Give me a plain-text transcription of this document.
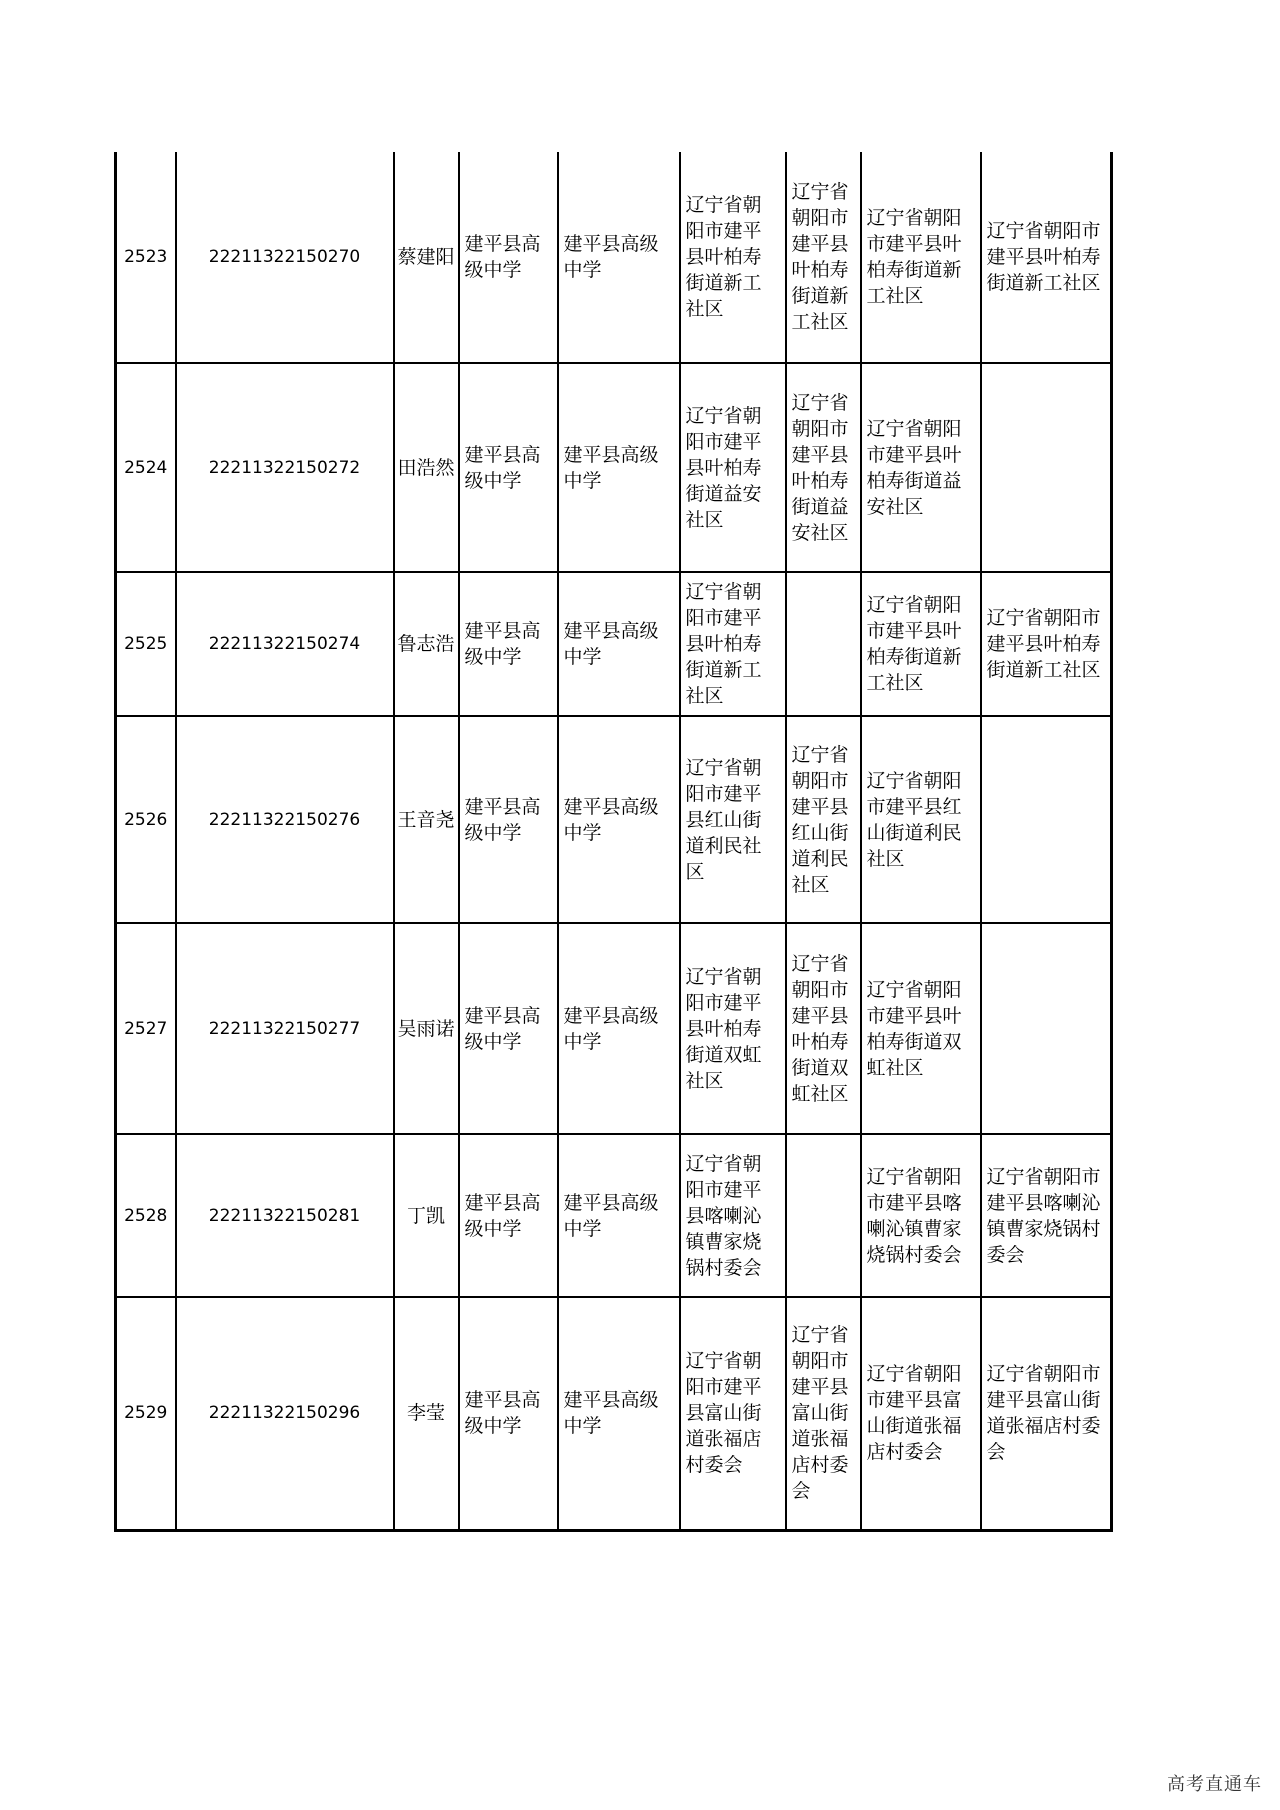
2523	22211322150270	蔡建阳	建平县高级中学	建平县高级中学	辽宁省朝阳市建平县叶柏寿街道新工社区	辽宁省朝阳市建平县叶柏寿街道新工社区	辽宁省朝阳市建平县叶柏寿街道新工社区	辽宁省朝阳市建平县叶柏寿街道新工社区
2524	22211322150272	田浩然	建平县高级中学	建平县高级中学	辽宁省朝阳市建平县叶柏寿街道益安社区	辽宁省朝阳市建平县叶柏寿街道益安社区	辽宁省朝阳市建平县叶柏寿街道益安社区	
2525	22211322150274	鲁志浩	建平县高级中学	建平县高级中学	辽宁省朝阳市建平县叶柏寿街道新工社区		辽宁省朝阳市建平县叶柏寿街道新工社区	辽宁省朝阳市建平县叶柏寿街道新工社区
2526	22211322150276	王音尧	建平县高级中学	建平县高级中学	辽宁省朝阳市建平县红山街道利民社区	辽宁省朝阳市建平县红山街道利民社区	辽宁省朝阳市建平县红山街道利民社区	
2527	22211322150277	吴雨诺	建平县高级中学	建平县高级中学	辽宁省朝阳市建平县叶柏寿街道双虹社区	辽宁省朝阳市建平县叶柏寿街道双虹社区	辽宁省朝阳市建平县叶柏寿街道双虹社区	
2528	22211322150281	丁凯	建平县高级中学	建平县高级中学	辽宁省朝阳市建平县喀喇沁镇曹家烧锅村委会		辽宁省朝阳市建平县喀喇沁镇曹家烧锅村委会	辽宁省朝阳市建平县喀喇沁镇曹家烧锅村委会
2529	22211322150296	李莹	建平县高级中学	建平县高级中学	辽宁省朝阳市建平县富山街道张福店村委会	辽宁省朝阳市建平县富山街道张福店村委会	辽宁省朝阳市建平县富山街道张福店村委会	辽宁省朝阳市建平县富山街道张福店村委会
高考直通车
